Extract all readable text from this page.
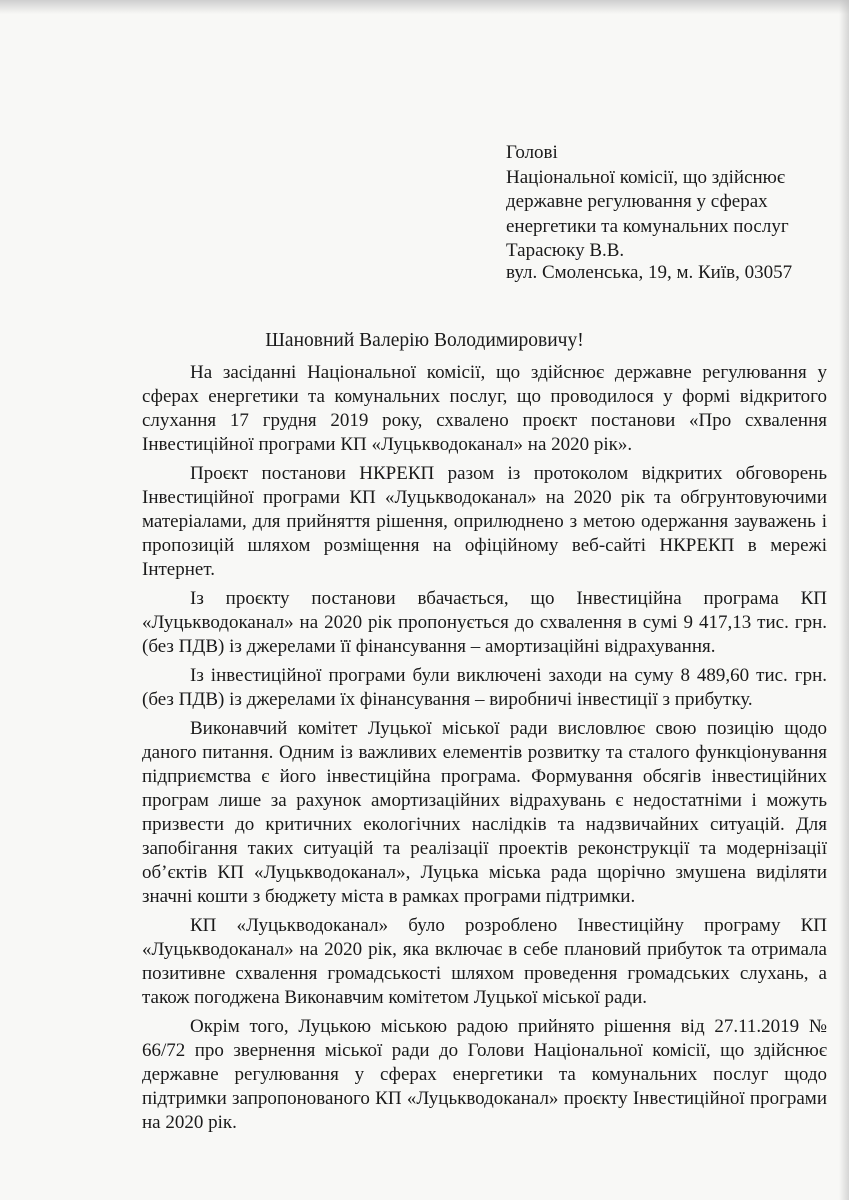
Голові
Національної комісії, що здійснює
державне регулювання у сферах
енергетики та комунальних послуг
Тарасюку В.В.
вул. Смоленська, 19, м. Київ, 03057
Шановний Валерію Володимировичу!

На засіданні Національної комісії, що здійснює державне регулювання у сферах енергетики та комунальних послуг, що проводилося у формі відкритого слухання 17 грудня 2019 року, схвалено проєкт постанови «Про схвалення Інвестиційної програми КП «Луцькводоканал» на 2020 рік».

Проєкт постанови НКРЕКП разом із протоколом відкритих обговорень Інвестиційної програми КП «Луцькводоканал» на 2020 рік та обгрунтовуючими матеріалами, для прийняття рішення, оприлюднено з метою одержання зауважень і пропозицій шляхом розміщення на офіційному веб-сайті НКРЕКП в мережі Інтернет.

Із проєкту постанови вбачається, що Інвестиційна програма КП «Луцькводоканал» на 2020 рік пропонується до схвалення в сумі 9 417,13 тис. грн. (без ПДВ) із джерелами її фінансування – амортизаційні відрахування.

Із інвестиційної програми були виключені заходи на суму 8 489,60 тис. грн. (без ПДВ) із джерелами їх фінансування – виробничі інвестиції з прибутку.

Виконавчий комітет Луцької міської ради висловлює свою позицію щодо даного питання. Одним із важливих елементів розвитку та сталого функціонування підприємства є його інвестиційна програма. Формування обсягів інвестиційних програм лише за рахунок амортизаційних відрахувань є недостатніми і можуть призвести до критичних екологічних наслідків та надзвичайних ситуацій. Для запобігання таких ситуацій та реалізації проектів реконструкції та модернізації об’єктів КП «Луцькводоканал», Луцька міська рада щорічно змушена виділяти значні кошти з бюджету міста в рамках програми підтримки.

КП «Луцькводоканал» було розроблено Інвестиційну програму КП «Луцькводоканал» на 2020 рік, яка включає в себе плановий прибуток та отримала позитивне схвалення громадськості шляхом проведення громадських слухань, а також погоджена Виконавчим комітетом Луцької міської ради.

Окрім того, Луцькою міською радою прийнято рішення від 27.11.2019 № 66/72 про звернення міської ради до Голови Національної комісії, що здійснює державне регулювання у сферах енергетики та комунальних послуг щодо підтримки запропонованого КП «Луцькводоканал» проєкту Інвестиційної програми на 2020 рік.
